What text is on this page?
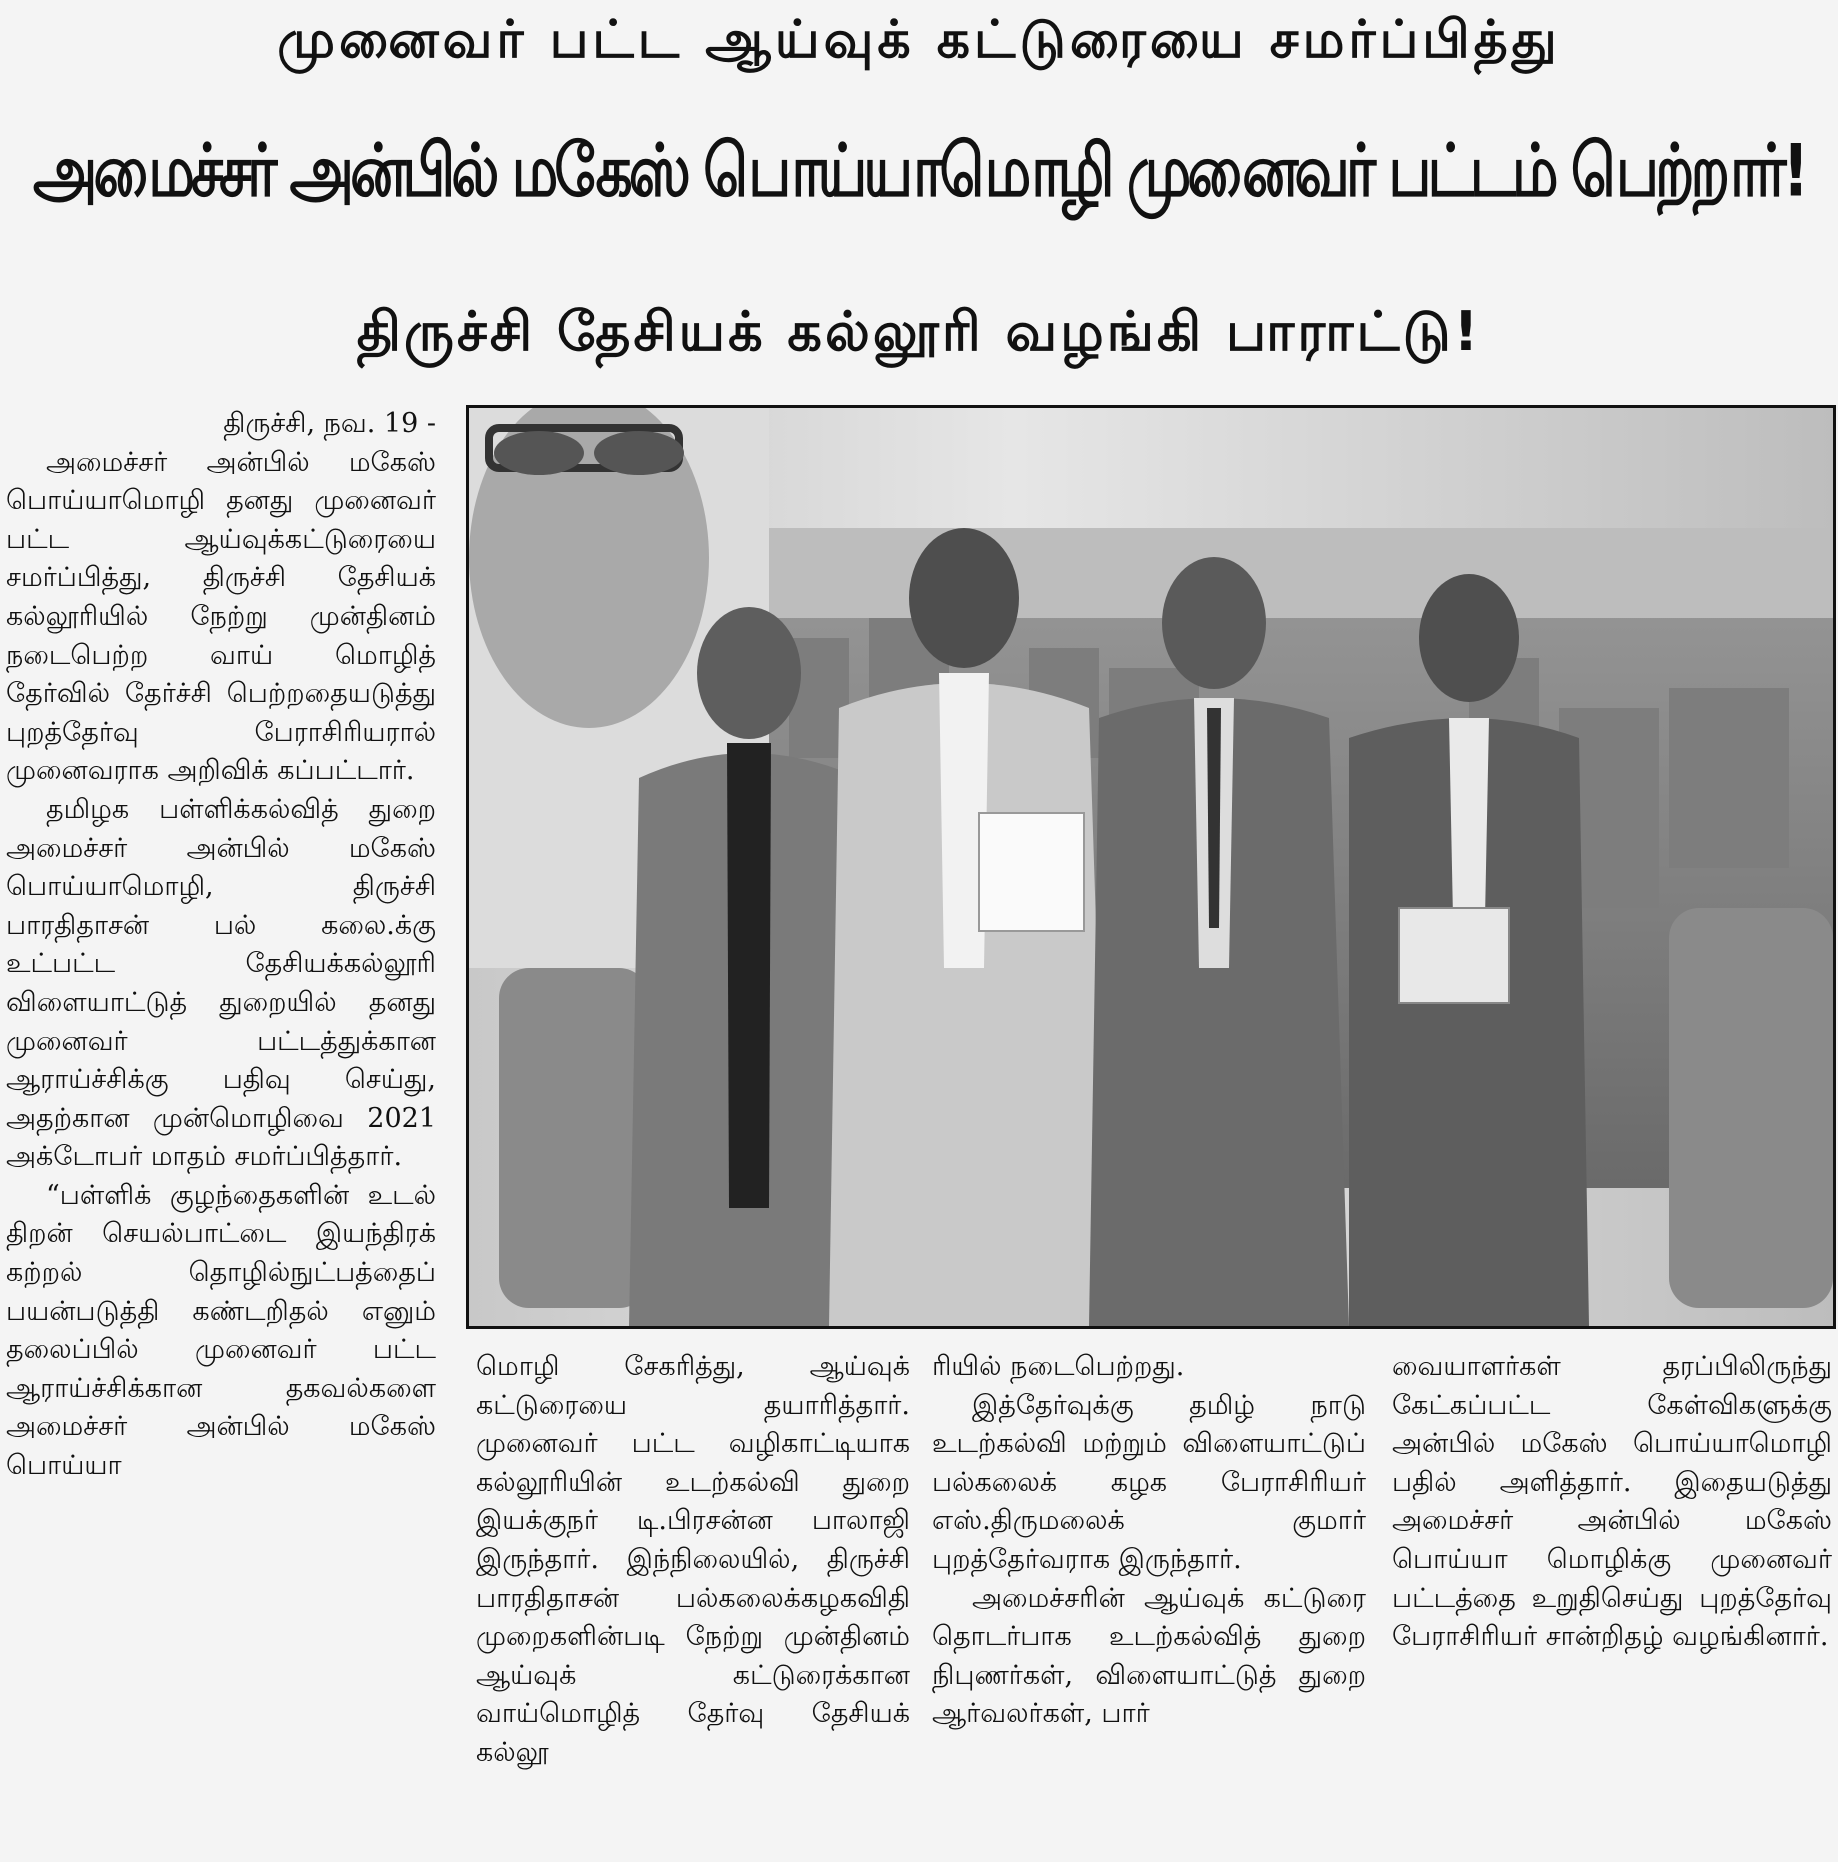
முனைவர் பட்ட ஆய்வுக் கட்டுரையை சமர்ப்பித்து
அமைச்சர் அன்பில் மகேஸ் பொய்யாமொழி முனைவர் பட்டம் பெற்றார்!
திருச்சி தேசியக் கல்லூரி வழங்கி பாராட்டு!
திருச்சி, நவ. 19 -

அமைச்சர் அன்பில் மகேஸ் பொய்யாமொழி தனது முனைவர் பட்ட ஆய்வுக்கட்டுரையை சமர்ப்பித்து, திருச்சி தேசியக் கல்லூரியில் நேற்று முன்தினம் நடைபெற்ற வாய் மொழித் தேர்வில் தேர்ச்சி பெற்றதையடுத்து புறத்தேர்வு பேராசிரியரால் முனைவராக அறிவிக் கப்பட்டார்.

தமிழக பள்ளிக்கல்வித் துறை அமைச்சர் அன்பில் மகேஸ் பொய்யாமொழி, திருச்சி பாரதிதாசன் பல் கலை.க்கு உட்பட்ட தேசியக்கல்லூரி விளையாட்டுத் துறையில் தனது முனைவர் பட்டத்துக்கான ஆராய்ச்சிக்கு பதிவு செய்து, அதற்கான முன்மொழிவை 2021 அக்டோபர் மாதம் சமர்ப்பித்தார்.

“பள்ளிக் குழந்தைகளின் உடல் திறன் செயல்பாட்டை இயந்திரக் கற்றல் தொழில்நுட்பத்தைப் பயன்படுத்தி கண்டறிதல் எனும் தலைப்பில் முனைவர் பட்ட ஆராய்ச்சிக்கான தகவல்களை அமைச்சர் அன்பில் மகேஸ் பொய்யா

மொழி சேகரித்து, ஆய்வுக் கட்டுரையை தயாரித்தார். முனைவர் பட்ட வழிகாட்டியாக கல்லூரியின் உடற்கல்வி துறை இயக்குநர் டி.பிரசன்ன பாலாஜி இருந்தார். இந்நிலையில், திருச்சி பாரதிதாசன் பல்கலைக்கழகவிதி முறைகளின்படி நேற்று முன்தினம் ஆய்வுக் கட்டுரைக்கான வாய்மொழித் தேர்வு தேசியக் கல்லூ

ரியில் நடைபெற்றது.

இத்தேர்வுக்கு தமிழ் நாடு உடற்கல்வி மற்றும் விளையாட்டுப் பல்கலைக் கழக பேராசிரியர் எஸ்.திருமலைக் குமார் புறத்தேர்வராக இருந்தார்.

அமைச்சரின் ஆய்வுக் கட்டுரை தொடர்பாக உடற்கல்வித் துறை நிபுணர்கள், விளையாட்டுத் துறை ஆர்வலர்கள், பார்

வையாளர்கள் தரப்பிலிருந்து கேட்கப்பட்ட கேள்விகளுக்கு அன்பில் மகேஸ் பொய்யாமொழி பதில் அளித்தார். இதையடுத்து அமைச்சர் அன்பில் மகேஸ் பொய்யா மொழிக்கு முனைவர் பட்டத்தை உறுதிசெய்து புறத்தேர்வு பேராசிரியர் சான்றிதழ் வழங்கினார்.
